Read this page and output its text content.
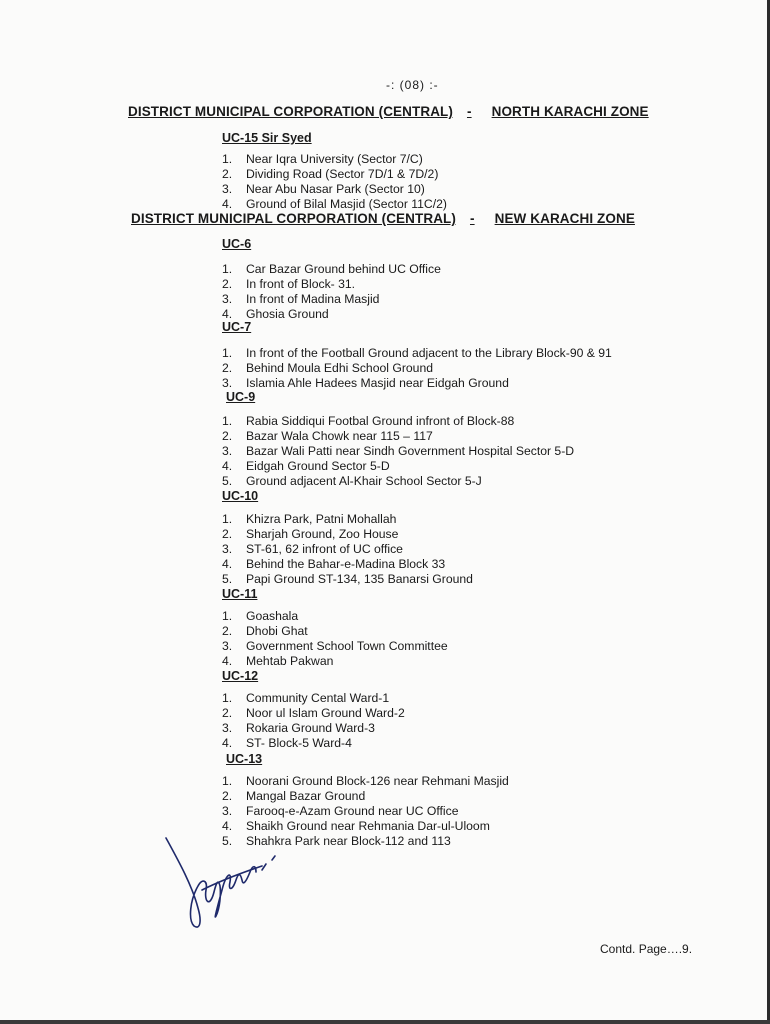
-: (08) :-
DISTRICT MUNICIPAL CORPORATION (CENTRAL) - NORTH KARACHI ZONE
UC-15 Sir Syed
1. Near Iqra University (Sector 7/C)
2. Dividing Road (Sector 7D/1 & 7D/2)
3. Near Abu Nasar Park (Sector 10)
4. Ground of Bilal Masjid (Sector 11C/2)
DISTRICT MUNICIPAL CORPORATION (CENTRAL) - NEW KARACHI ZONE
UC-6
1. Car Bazar Ground behind UC Office
2. In front of Block- 31.
3. In front of Madina Masjid
4. Ghosia Ground
UC-7
1. In front of the Football Ground adjacent to the Library Block-90 & 91
2. Behind Moula Edhi School Ground
3. Islamia Ahle Hadees Masjid near Eidgah Ground
UC-9
1. Rabia Siddiqui Footbal Ground infront of Block-88
2. Bazar Wala Chowk near 115 – 117
3. Bazar Wali Patti near Sindh Government Hospital Sector 5-D
4. Eidgah Ground Sector 5-D
5. Ground adjacent Al-Khair School Sector 5-J
UC-10
1. Khizra Park, Patni Mohallah
2. Sharjah Ground, Zoo House
3. ST-61, 62 infront of UC office
4. Behind the Bahar-e-Madina Block 33
5. Papi Ground ST-134, 135 Banarsi Ground
UC-11
1. Goashala
2. Dhobi Ghat
3. Government School Town Committee
4. Mehtab Pakwan
UC-12
1. Community Cental Ward-1
2. Noor ul Islam Ground Ward-2
3. Rokaria Ground Ward-3
4. ST- Block-5 Ward-4
UC-13
1. Noorani Ground Block-126 near Rehmani Masjid
2. Mangal Bazar Ground
3. Farooq-e-Azam Ground near UC Office
4. Shaikh Ground near Rehmania Dar-ul-Uloom
5. Shahkra Park near Block-112 and 113
Contd. Page….9.
